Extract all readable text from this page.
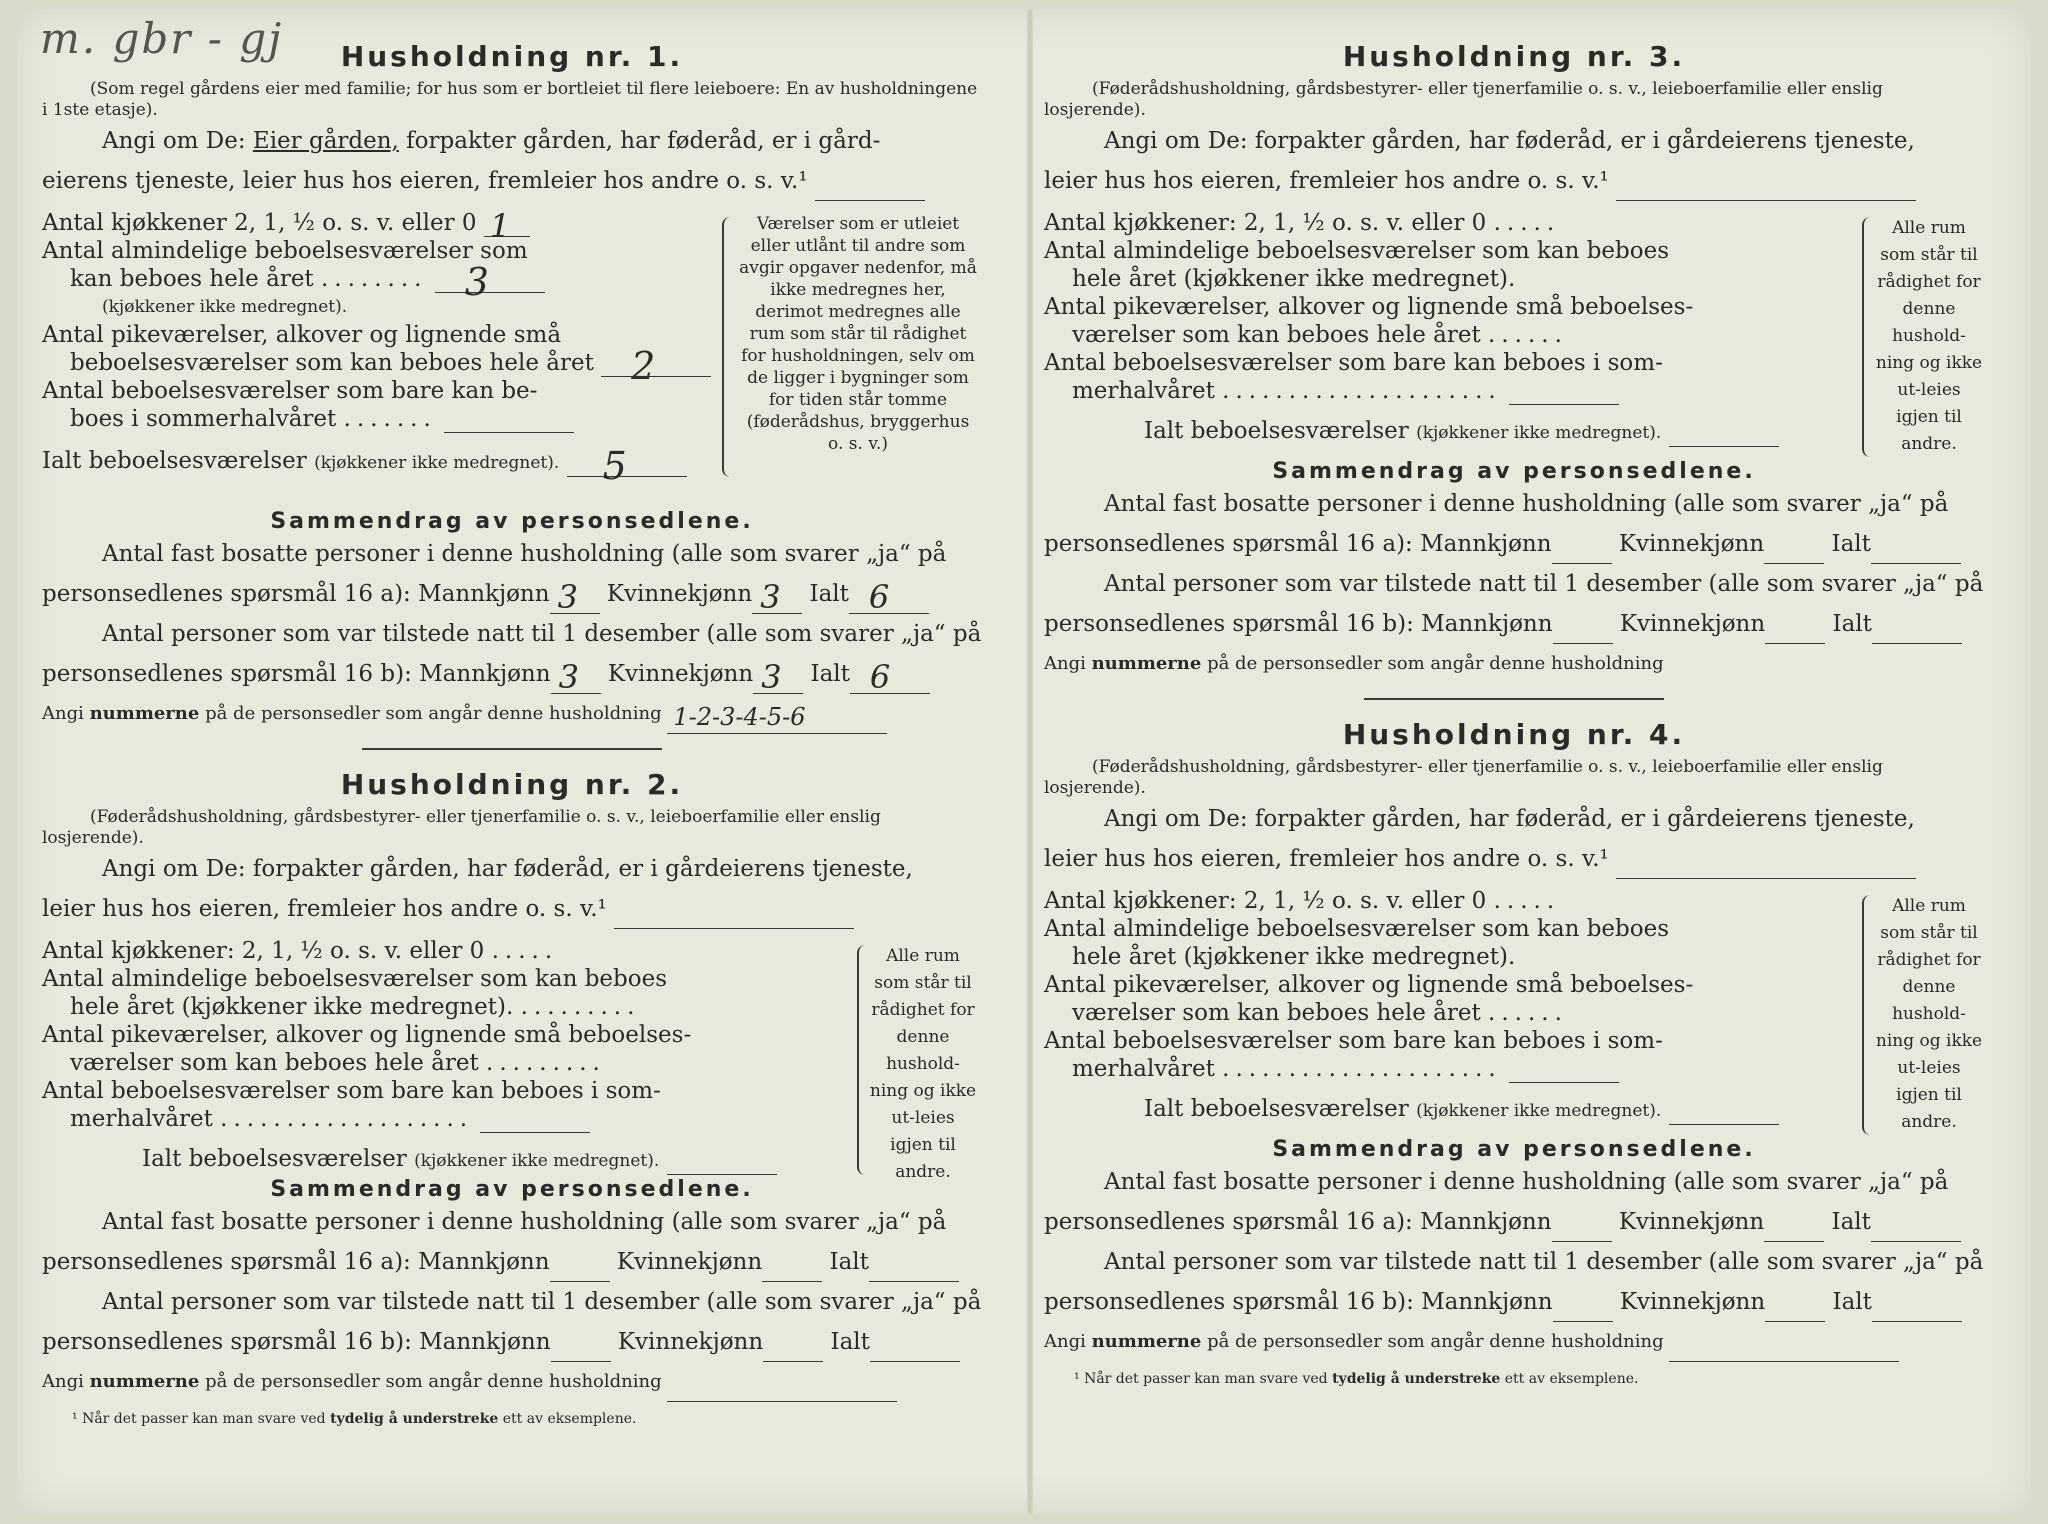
m. gbr - gj	Husholdning nr. 1.

(Som regel gårdens eier med familie; for hus som er bortleiet til flere leieboere: En av husholdningene i 1ste etasje).

Angi om De: Eier gården, forpakter gården, har føderåd, er i gård-
eierens tjeneste, leier hus hos eieren, fremleier hos andre o. s. v.¹
Antal kjøkkener 2, 1, ½ o. s. v. eller 0 1
Antal almindelige beboelsesværelser som
kan beboes hele året ........ 3
(kjøkkener ikke medregnet).
Antal pikeværelser, alkover og lignende små
beboelsesværelser som kan beboes hele året 2
Antal beboelsesværelser som bare kan be-
boes i sommerhalvåret .......
Ialt beboelsesværelser (kjøkkener ikke medregnet). 5
Værelser som er utleiet eller utlånt til andre som avgir opgaver nedenfor, må ikke medregnes her, derimot medregnes alle rum som står til rådighet for husholdningen, selv om de ligger i bygninger som for tiden står tomme (føderådshus, bryggerhus o. s. v.)
Sammendrag av personsedlene.
Antal fast bosatte personer i denne husholdning (alle som svarer „ja“ på
personsedlenes spørsmål 16 a): Mannkjønn 3 Kvinnekjønn 3 Ialt 6
Antal personer som var tilstede natt til 1 desember (alle som svarer „ja“ på
personsedlenes spørsmål 16 b): Mannkjønn 3 Kvinnekjønn 3 Ialt 6
Angi nummerne på de personsedler som angår denne husholdning 1-2-3-4-5-6
Husholdning nr. 2.

(Føderådshusholdning, gårdsbestyrer- eller tjenerfamilie o. s. v., leieboerfamilie eller enslig losjerende).

Angi om De: forpakter gården, har føderåd, er i gårdeierens tjeneste,
leier hus hos eieren, fremleier hos andre o. s. v.¹
Antal kjøkkener: 2, 1, ½ o. s. v. eller 0 .....
Antal almindelige beboelsesværelser som kan beboes
hele året (kjøkkener ikke medregnet). .........
Antal pikeværelser, alkover og lignende små beboelses-
værelser som kan beboes hele året .........
Antal beboelsesværelser som bare kan beboes i som-
merhalvåret ...................
Ialt beboelsesværelser (kjøkkener ikke medregnet).
Alle rum som står til rådighet for denne hushold-ning og ikke ut-leies igjen til andre.
Sammendrag av personsedlene.
Antal fast bosatte personer i denne husholdning (alle som svarer „ja“ på
personsedlenes spørsmål 16 a): Mannkjønn	Kvinnekjønn	Ialt
Antal personer som var tilstede natt til 1 desember (alle som svarer „ja“ på
personsedlenes spørsmål 16 b): Mannkjønn	Kvinnekjønn	Ialt
Angi nummerne på de personsedler som angår denne husholdning
¹ Når det passer kan man svare ved tydelig å understreke ett av eksemplene.
Husholdning nr. 3.

(Føderådshusholdning, gårdsbestyrer- eller tjenerfamilie o. s. v., leieboerfamilie eller enslig losjerende).

Angi om De: forpakter gården, har føderåd, er i gårdeierens tjeneste,
leier hus hos eieren, fremleier hos andre o. s. v.¹
Antal kjøkkener: 2, 1, ½ o. s. v. eller 0 .....
Antal almindelige beboelsesværelser som kan beboes
hele året (kjøkkener ikke medregnet).
Antal pikeværelser, alkover og lignende små beboelses-
værelser som kan beboes hele året ......
Antal beboelsesværelser som bare kan beboes i som-
merhalvåret .....................
Ialt beboelsesværelser (kjøkkener ikke medregnet).
Alle rum som står til rådighet for denne hushold-ning og ikke ut-leies igjen til andre.
Sammendrag av personsedlene.
Antal fast bosatte personer i denne husholdning (alle som svarer „ja“ på
personsedlenes spørsmål 16 a): Mannkjønn	Kvinnekjønn	Ialt
Antal personer som var tilstede natt til 1 desember (alle som svarer „ja“ på
personsedlenes spørsmål 16 b): Mannkjønn	Kvinnekjønn	Ialt
Angi nummerne på de personsedler som angår denne husholdning
Husholdning nr. 4.

(Føderådshusholdning, gårdsbestyrer- eller tjenerfamilie o. s. v., leieboerfamilie eller enslig losjerende).

Angi om De: forpakter gården, har føderåd, er i gårdeierens tjeneste,
leier hus hos eieren, fremleier hos andre o. s. v.¹
Antal kjøkkener: 2, 1, ½ o. s. v. eller 0 .....
Antal almindelige beboelsesværelser som kan beboes
hele året (kjøkkener ikke medregnet).
Antal pikeværelser, alkover og lignende små beboelses-
værelser som kan beboes hele året ......
Antal beboelsesværelser som bare kan beboes i som-
merhalvåret .....................
Ialt beboelsesværelser (kjøkkener ikke medregnet).
Alle rum som står til rådighet for denne hushold-ning og ikke ut-leies igjen til andre.
Sammendrag av personsedlene.
Antal fast bosatte personer i denne husholdning (alle som svarer „ja“ på
personsedlenes spørsmål 16 a): Mannkjønn	Kvinnekjønn	Ialt
Antal personer som var tilstede natt til 1 desember (alle som svarer „ja“ på
personsedlenes spørsmål 16 b): Mannkjønn	Kvinnekjønn	Ialt
Angi nummerne på de personsedler som angår denne husholdning
¹ Når det passer kan man svare ved tydelig å understreke ett av eksemplene.
